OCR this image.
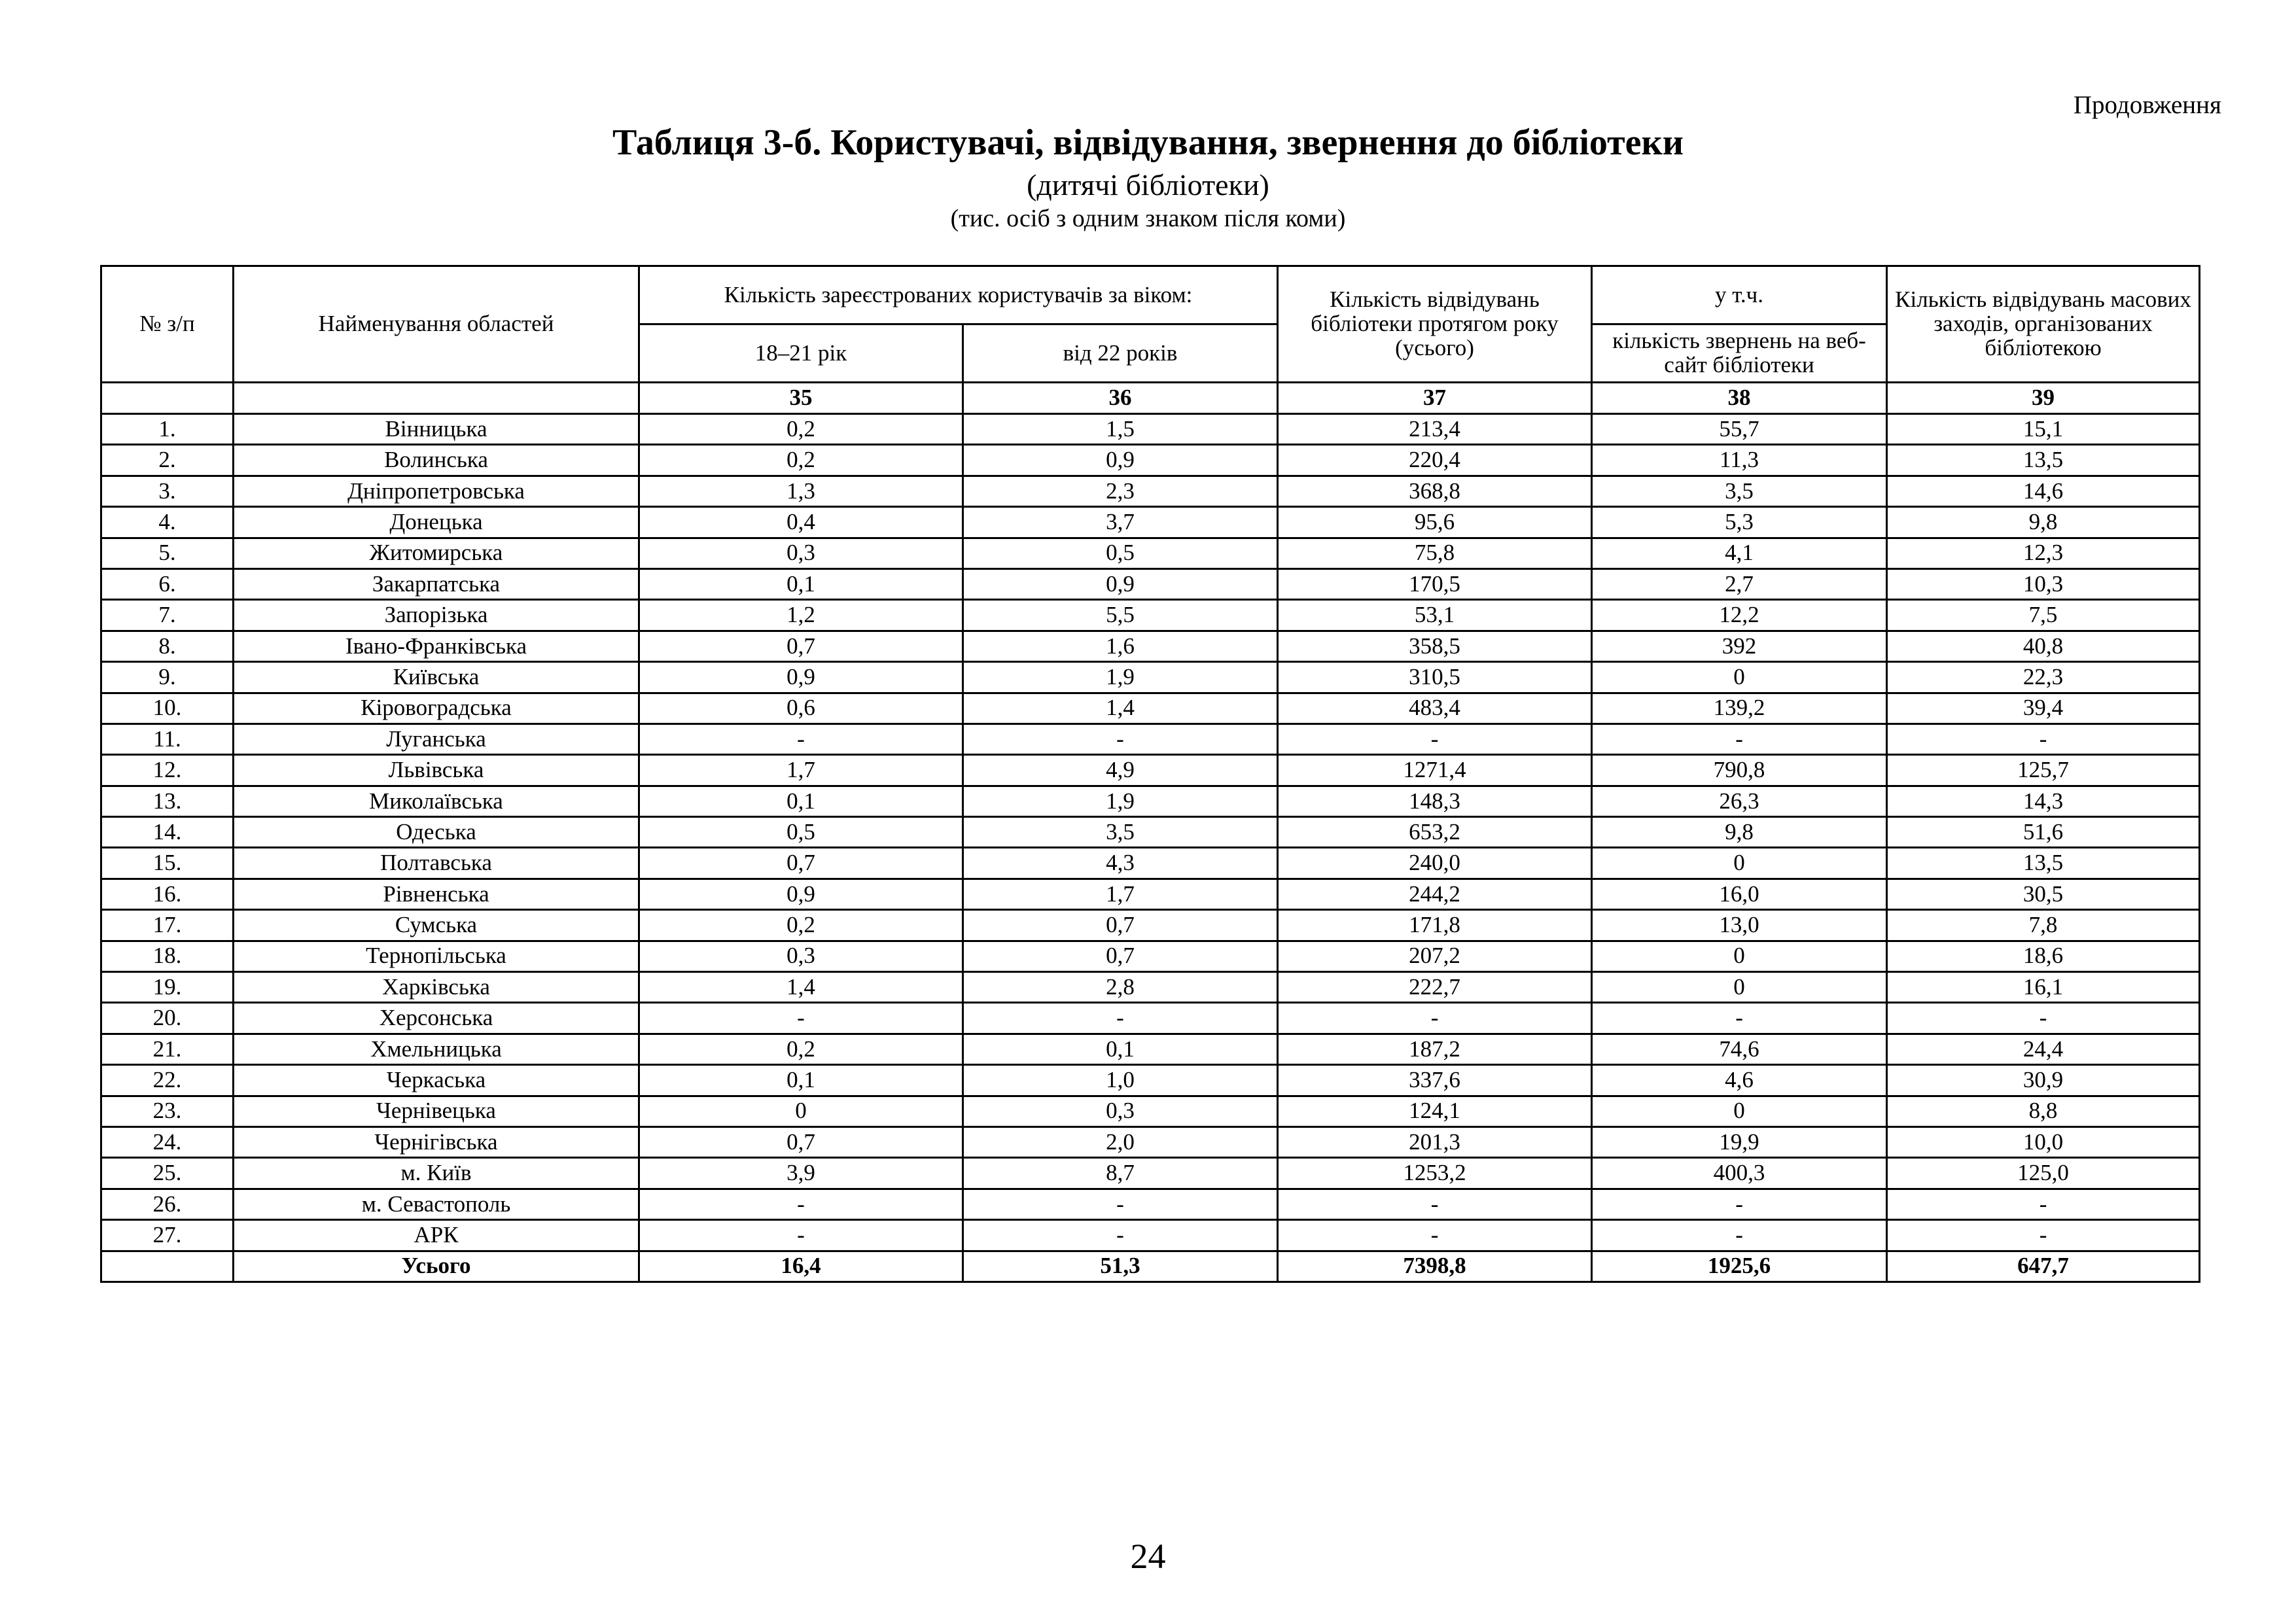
Продовження

Таблиця 3-б. Користувачі, відвідування, звернення до бібліотеки

(дитячі бібліотеки)

(тис. осіб з одним знаком після коми)

№ з/п	Найменування областей	Кількість зареєстрованих користувачів за віком:		Кількість відвідувань бібліотеки протягом року (усього)	у т.ч.	Кількість відвідувань масових заходів, організованих бібліотекою
		18–21 рік	від 22 років		кількість звернень на веб-сайт бібліотеки	
		35	36	37	38	39
1.	Вінницька	0,2	1,5	213,4	55,7	15,1
2.	Волинська	0,2	0,9	220,4	11,3	13,5
3.	Дніпропетровська	1,3	2,3	368,8	3,5	14,6
4.	Донецька	0,4	3,7	95,6	5,3	9,8
5.	Житомирська	0,3	0,5	75,8	4,1	12,3
6.	Закарпатська	0,1	0,9	170,5	2,7	10,3
7.	Запорізька	1,2	5,5	53,1	12,2	7,5
8.	Івано-Франківська	0,7	1,6	358,5	392	40,8
9.	Київська	0,9	1,9	310,5	0	22,3
10.	Кіровоградська	0,6	1,4	483,4	139,2	39,4
11.	Луганська	-	-	-	-	-
12.	Львівська	1,7	4,9	1271,4	790,8	125,7
13.	Миколаївська	0,1	1,9	148,3	26,3	14,3
14.	Одеська	0,5	3,5	653,2	9,8	51,6
15.	Полтавська	0,7	4,3	240,0	0	13,5
16.	Рівненська	0,9	1,7	244,2	16,0	30,5
17.	Сумська	0,2	0,7	171,8	13,0	7,8
18.	Тернопільська	0,3	0,7	207,2	0	18,6
19.	Харківська	1,4	2,8	222,7	0	16,1
20.	Херсонська	-	-	-	-	-
21.	Хмельницька	0,2	0,1	187,2	74,6	24,4
22.	Черкаська	0,1	1,0	337,6	4,6	30,9
23.	Чернівецька	0	0,3	124,1	0	8,8
24.	Чернігівська	0,7	2,0	201,3	19,9	10,0
25.	м. Київ	3,9	8,7	1253,2	400,3	125,0
26.	м. Севастополь	-	-	-	-	-
27.	АРК	-	-	-	-	-
	Усього	16,4	51,3	7398,8	1925,6	647,7

24
